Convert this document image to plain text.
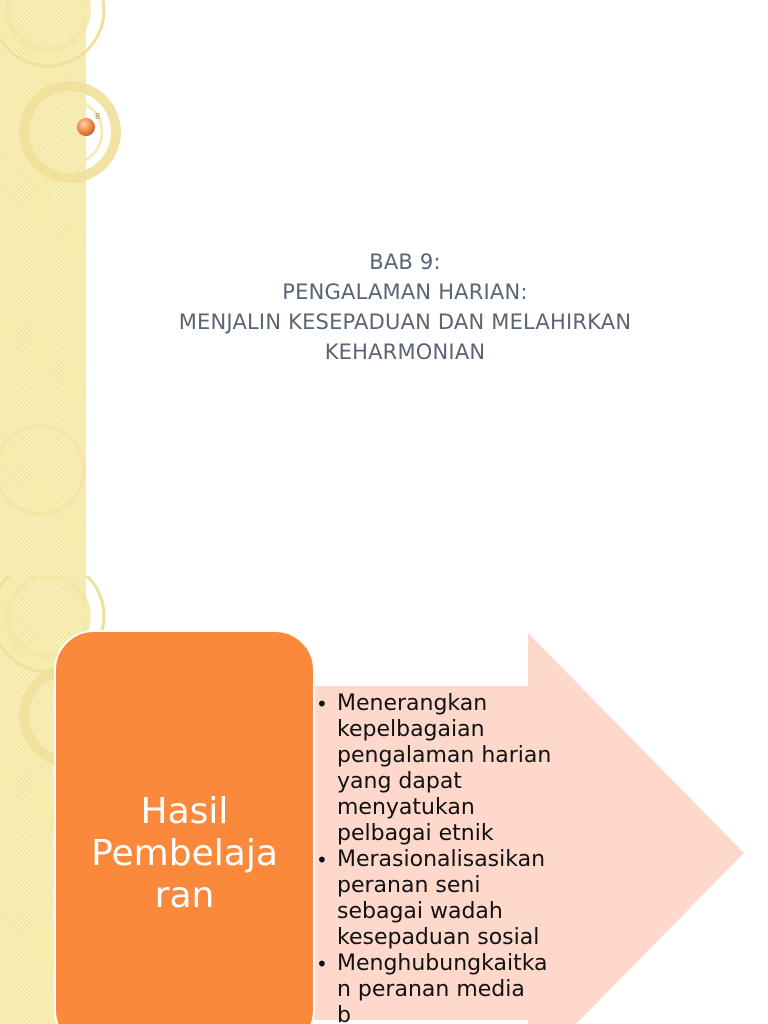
8
BAB 9:
PENGALAMAN HARIAN:
MENJALIN KESEPADUAN DAN MELAHIRKAN
KEHARMONIAN
Hasil
Pembelaja
ran
• Menerangkan
kepelbagaian
pengalaman harian
yang dapat
menyatukan
pelbagai etnik
• Merasionalisasikan
peranan seni
sebagai wadah
kesepaduan sosial
• Menghubungkaitka
n peranan media
b
